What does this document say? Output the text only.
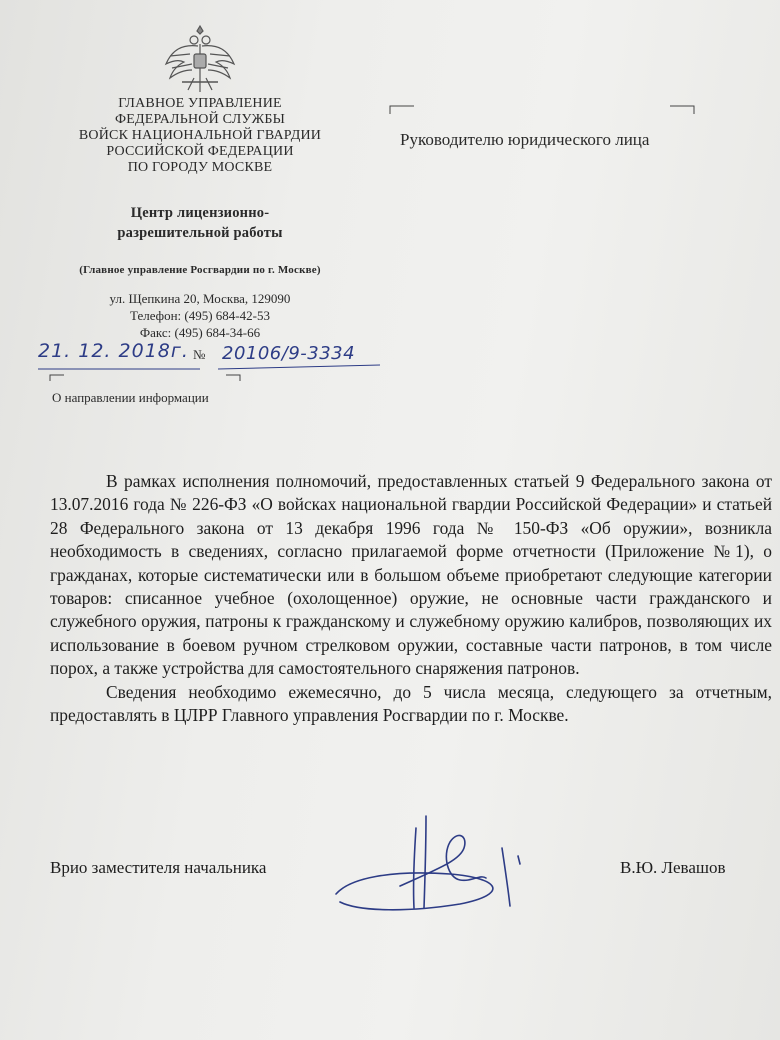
ГЛАВНОЕ УПРАВЛЕНИЕ
ФЕДЕРАЛЬНОЙ СЛУЖБЫ
ВОЙСК НАЦИОНАЛЬНОЙ ГВАРДИИ
РОССИЙСКОЙ ФЕДЕРАЦИИ
ПО ГОРОДУ МОСКВЕ
Центр лицензионно-
разрешительной работы
(Главное управление Росгвардии по г. Москве)
ул. Щепкина 20, Москва, 129090
Телефон: (495) 684-42-53
Факс: (495) 684-34-66
21. 12. 2018г. № 20106/9-3334
О направлении информации
Руководителю юридического лица

В рамках исполнения полномочий, предоставленных статьей 9 Федерального закона от 13.07.2016 года № 226-ФЗ «О войсках национальной гвардии Российской Федерации» и статьей 28 Федерального закона от 13 декабря 1996 года № 150-ФЗ «Об оружии», возникла необходимость в сведениях, согласно прилагаемой форме отчетности (Приложение №1), о гражданах, которые систематически или в большом объеме приобретают следующие категории товаров: списанное учебное (охолощенное) оружие, не основные части гражданского и служебного оружия, патроны к гражданскому и служебному оружию калибров, позволяющих их использование в боевом ручном стрелковом оружии, составные части патронов, в том числе порох, а также устройства для самостоятельного снаряжения патронов.

Сведения необходимо ежемесячно, до 5 числа месяца, следующего за отчетным, предоставлять в ЦЛРР Главного управления Росгвардии по г. Москве.

Врио заместителя начальника	В.Ю. Левашов
